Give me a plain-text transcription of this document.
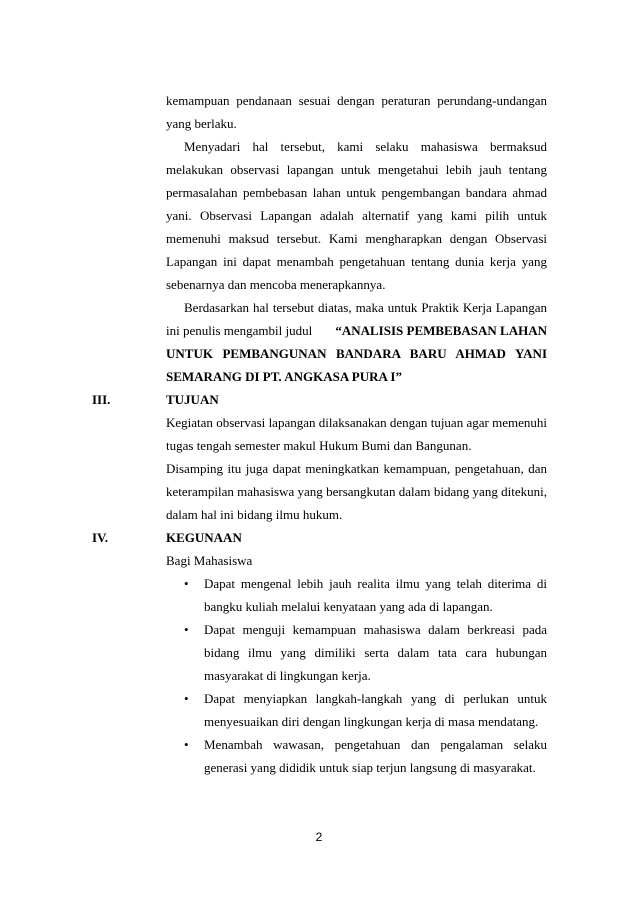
kemampuan pendanaan sesuai dengan peraturan perundang-undangan
yang berlaku.
Menyadari hal tersebut, kami selaku mahasiswa bermaksud
melakukan observasi lapangan untuk mengetahui lebih jauh tentang
permasalahan pembebasan lahan untuk pengembangan bandara ahmad
yani. Observasi Lapangan adalah alternatif yang kami pilih untuk
memenuhi maksud tersebut. Kami mengharapkan dengan Observasi
Lapangan ini dapat menambah pengetahuan tentang dunia kerja yang
sebenarnya dan mencoba menerapkannya.
Berdasarkan hal tersebut diatas, maka untuk Praktik Kerja Lapangan
ini penulis mengambil judul “ANALISIS PEMBEBASAN LAHAN
UNTUK PEMBANGUNAN BANDARA BARU AHMAD YANI
SEMARANG DI PT. ANGKASA PURA I”
III.	TUJUAN
Kegiatan observasi lapangan dilaksanakan dengan tujuan agar memenuhi
tugas tengah semester makul Hukum Bumi dan Bangunan.
Disamping itu juga dapat meningkatkan kemampuan, pengetahuan, dan
keterampilan mahasiswa yang bersangkutan dalam bidang yang ditekuni,
dalam hal ini bidang ilmu hukum.
IV.	KEGUNAAN
Bagi Mahasiswa
• Dapat mengenal lebih jauh realita ilmu yang telah diterima di
bangku kuliah melalui kenyataan yang ada di lapangan.
• Dapat menguji kemampuan mahasiswa dalam berkreasi pada
bidang ilmu yang dimiliki serta dalam tata cara hubungan
masyarakat di lingkungan kerja.
• Dapat menyiapkan langkah-langkah yang di perlukan untuk
menyesuaikan diri dengan lingkungan kerja di masa mendatang.
• Menambah wawasan, pengetahuan dan pengalaman selaku
generasi yang dididik untuk siap terjun langsung di masyarakat.
2
